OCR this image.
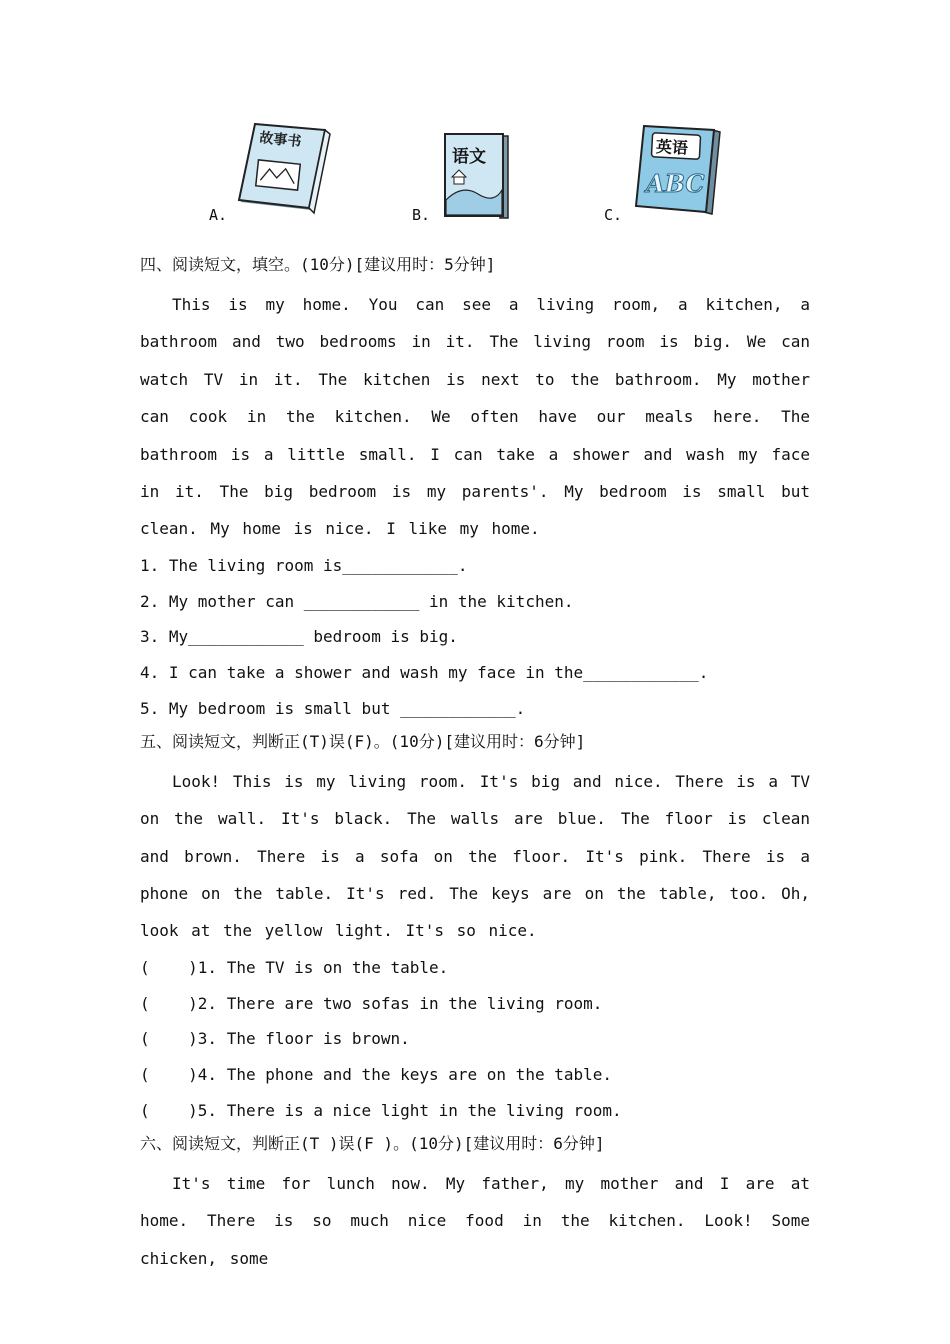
A.
故事书
B.
语文
C.
英语
ABC
四、阅读短文，填空。(10分)[建议用时：5分钟]
This is my home. You can see a living room, a kitchen, a bathroom and two bedrooms in it. The living room is big. We can watch TV in it. The kitchen is next to the bathroom. My mother can cook in the kitchen. We often have our meals here. The bathroom is a little small. I can take a shower and wash my face in it. The big bedroom is my parents'. My bedroom is small but clean. My home is nice. I like my home.
1. The living room is____________.
2. My mother can ____________ in the kitchen.
3. My____________ bedroom is big.
4. I can take a shower and wash my face in the____________.
5. My bedroom is small but ____________.
五、阅读短文，判断正(T)误(F)。(10分)[建议用时：6分钟]
Look! This is my living room. It's big and nice. There is a TV on the wall. It's black. The walls are blue. The floor is clean and brown. There is a sofa on the floor. It's pink. There is a phone on the table. It's red. The keys are on the table, too. Oh, look at the yellow light. It's so nice.
(    )1. The TV is on the table.
(    )2. There are two sofas in the living room.
(    )3. The floor is brown.
(    )4. The phone and the keys are on the table.
(    )5. There is a nice light in the living room.
六、阅读短文，判断正(T )误(F )。(10分)[建议用时：6分钟]
It's time for lunch now. My father, my mother and I are at home. There is so much nice food in the kitchen. Look! Some chicken, some
